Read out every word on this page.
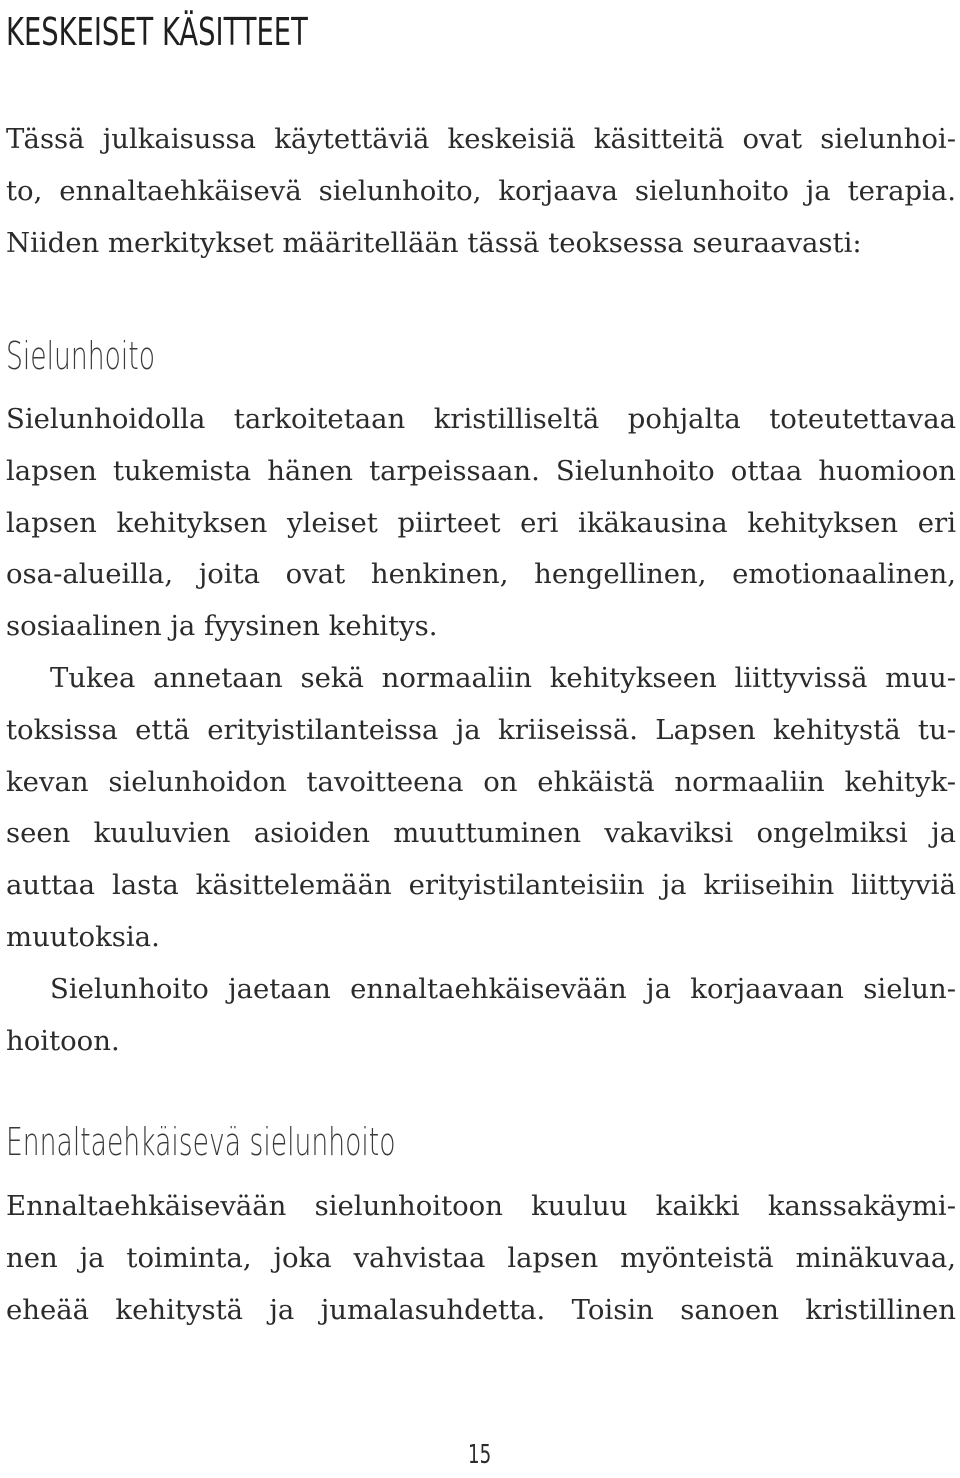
KESKEISET KÄSITTEET
Tässä julkaisussa käytettäviä keskeisiä käsitteitä ovat sielunhoi-
to, ennaltaehkäisevä sielunhoito, korjaava sielunhoito ja terapia.
Niiden merkitykset määritellään tässä teoksessa seuraavasti:
Sielunhoito
Sielunhoidolla tarkoitetaan kristilliseltä pohjalta toteutettavaa
lapsen tukemista hänen tarpeissaan. Sielunhoito ottaa huomioon
lapsen kehityksen yleiset piirteet eri ikäkausina kehityksen eri
osa-alueilla, joita ovat henkinen, hengellinen, emotionaalinen,
sosiaalinen ja fyysinen kehitys.
Tukea annetaan sekä normaaliin kehitykseen liittyvissä muu-
toksissa että erityistilanteissa ja kriiseissä. Lapsen kehitystä tu-
kevan sielunhoidon tavoitteena on ehkäistä normaaliin kehityk-
seen kuuluvien asioiden muuttuminen vakaviksi ongelmiksi ja
auttaa lasta käsittelemään erityistilanteisiin ja kriiseihin liittyviä
muutoksia.
Sielunhoito jaetaan ennaltaehkäisevään ja korjaavaan sielun-
hoitoon.
Ennaltaehkäisevä sielunhoito
Ennaltaehkäisevään sielunhoitoon kuuluu kaikki kanssakäymi-
nen ja toiminta, joka vahvistaa lapsen myönteistä minäkuvaa,
eheää kehitystä ja jumalasuhdetta. Toisin sanoen kristillinen
15
